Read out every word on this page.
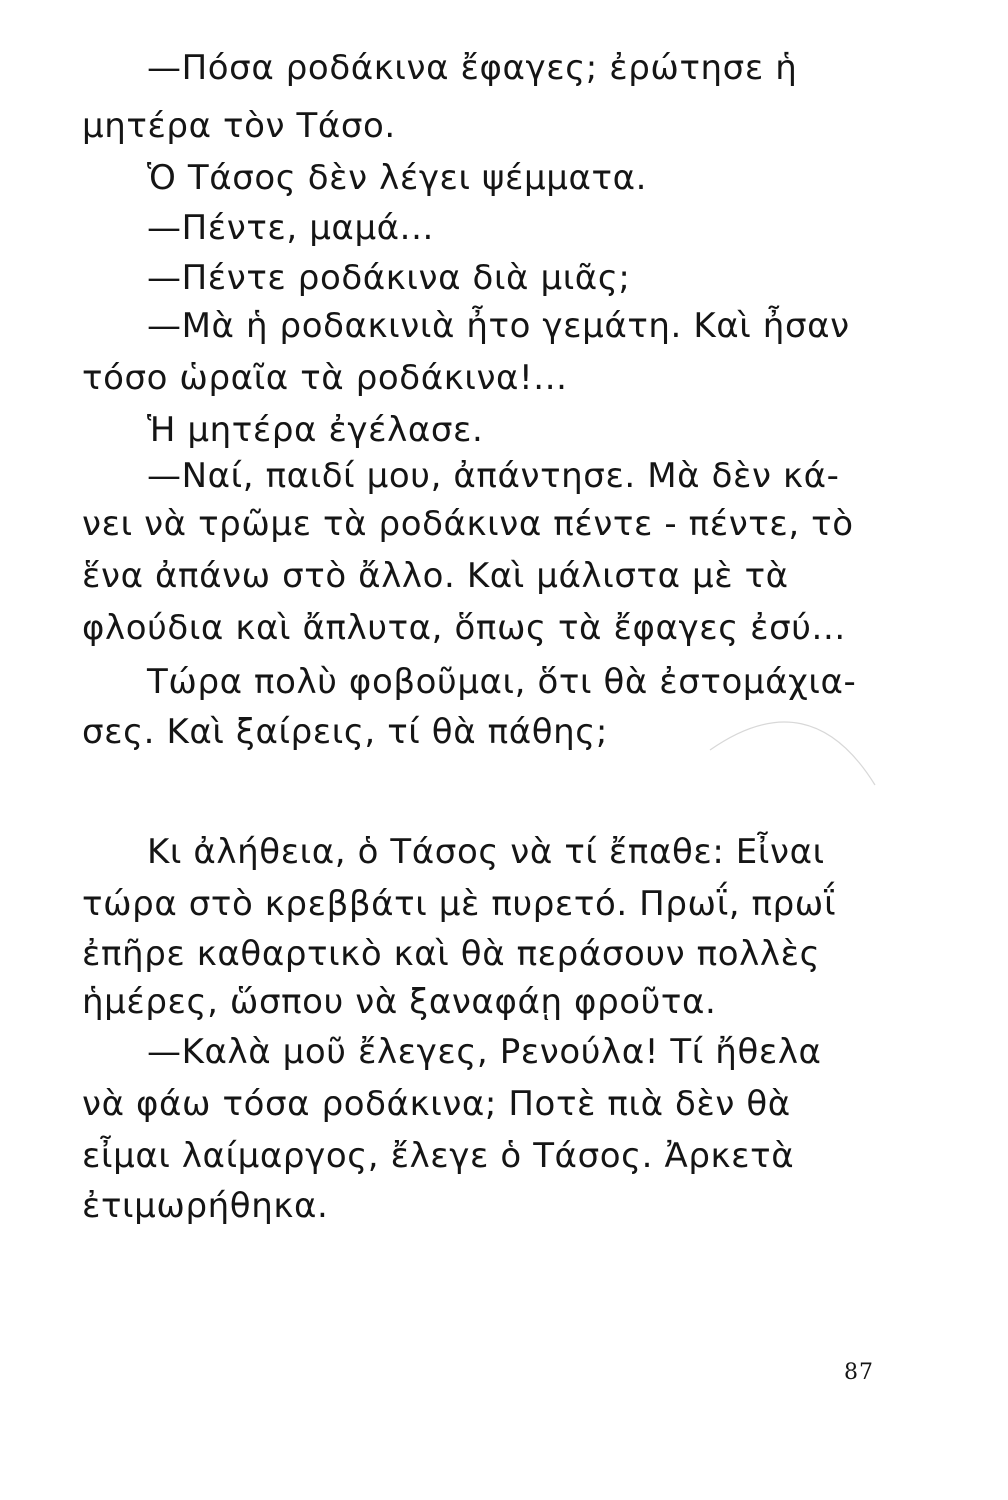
—Πόσα ροδάκινα ἔφαγες; ἐρώτησε ἡ
μητέρα τὸν Τάσο.
Ὁ Τάσος δὲν λέγει ψέμματα.
—Πέντε, μαμά...
—Πέντε ροδάκινα διὰ μιᾶς;
—Μὰ ἡ ροδακινιὰ ἦτο γεμάτη. Καὶ ἦσαν
τόσο ὡραῖα τὰ ροδάκινα!...
Ἡ μητέρα ἐγέλασε.
—Ναί, παιδί μου, ἀπάντησε. Μὰ δὲν κά-
νει νὰ τρῶμε τὰ ροδάκινα πέντε - πέντε, τὸ
ἕνα ἀπάνω στὸ ἄλλο. Καὶ μάλιστα μὲ τὰ
φλούδια καὶ ἄπλυτα, ὅπως τὰ ἔφαγες ἐσύ...
Τώρα πολὺ φοβοῦμαι, ὅτι θὰ ἐστομάχια-
σες. Καὶ ξαίρεις, τί θὰ πάθης;
Κι ἀλήθεια, ὁ Τάσος νὰ τί ἔπαθε: Εἶναι
τώρα στὸ κρεββάτι μὲ πυρετό. Πρωΐ, πρωΐ
ἐπῆρε καθαρτικὸ καὶ θὰ περάσουν πολλὲς
ἡμέρες, ὥσπου νὰ ξαναφάῃ φροῦτα.
—Καλὰ μοῦ ἔλεγες, Ρενούλα! Τί ἤθελα
νὰ φάω τόσα ροδάκινα; Ποτὲ πιὰ δὲν θὰ
εἶμαι λαίμαργος, ἔλεγε ὁ Τάσος. Ἀρκετὰ
ἐτιμωρήθηκα.
87
